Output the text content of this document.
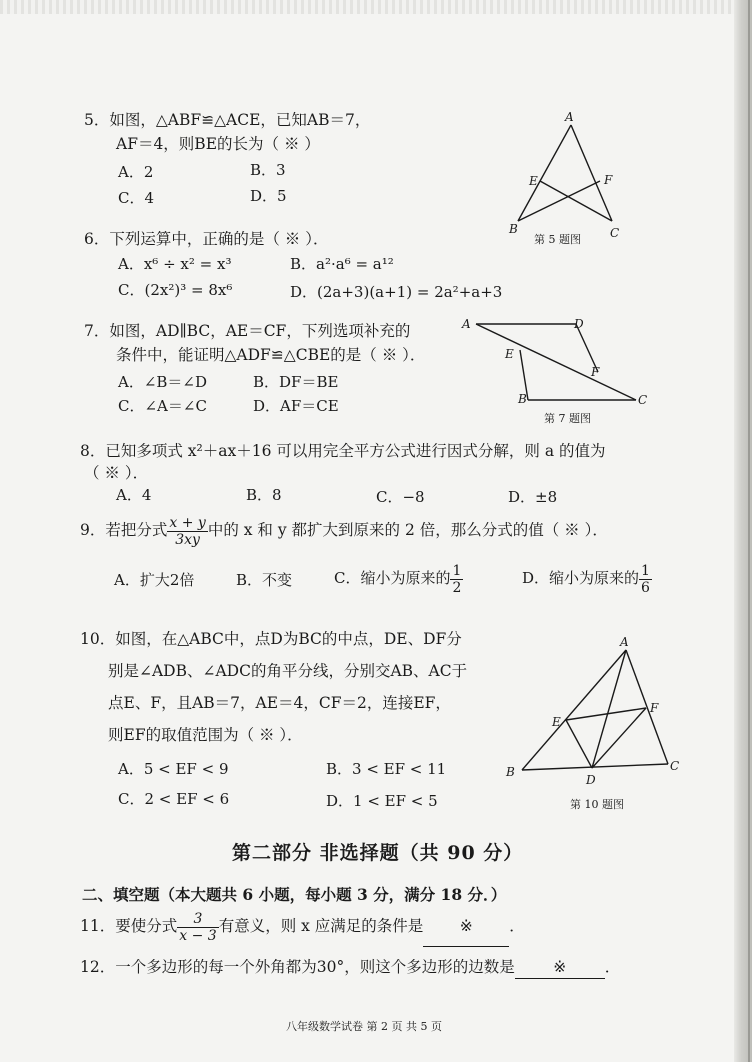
5．如图，△ABF≌△ACE，已知AB＝7，
AF＝4，则BE的长为（ ※ ）
A．2	B．3
C．4	D．5
A
E	F
B	C
第 5 题图
6．下列运算中，正确的是（ ※ ）．
A．x⁶ ÷ x² = x³	B．a²·a⁶ = a¹²
C．(2x²)³ = 8x⁶	D．(2a+3)(a+1) = 2a²+a+3
7．如图，AD∥BC，AE＝CF，下列选项补充的
条件中，能证明△ADF≌△CBE的是（ ※ ）．
A．∠B＝∠D	B．DF＝BE
C．∠A＝∠C	D．AF＝CE
A	D
E
F
B	C
第 7 题图
8．已知多项式 x²＋ax＋16 可以用完全平方公式进行因式分解，则 a 的值为
（ ※ ）．
A．4	B．8	C．−8	D．±8
9．若把分式 $\frac{x + y}{3xy}$ 中的 x 和 y 都扩大到原来的 2 倍，那么分式的值（ ※ ）．
A．扩大2倍	B．不变	C．缩小为原来的 $\frac{1}{2}$	D．缩小为原来的 $\frac{1}{6}$
10．如图，在△ABC中，点D为BC的中点，DE、DF分
别是∠ADB、∠ADC的角平分线，分别交AB、AC于
点E、F，且AB＝7，AE＝4，CF＝2，连接EF，
则EF的取值范围为（ ※ ）．
A．5 < EF < 9	B．3 < EF < 11
C．2 < EF < 6	D．1 < EF < 5
A
E
F
B
D
C
第 10 题图
第二部分 非选择题（共 90 分）
二、填空题（本大题共 6 小题，每小题 3 分，满分 18 分．）
11．要使分式 $\frac{3}{x - 3}$ 有意义，则 x 应满足的条件是 ※ ．
12．一个多边形的每一个外角都为30°，则这个多边形的边数是 ※ ．
八年级数学试卷 第 2 页 共 5 页
